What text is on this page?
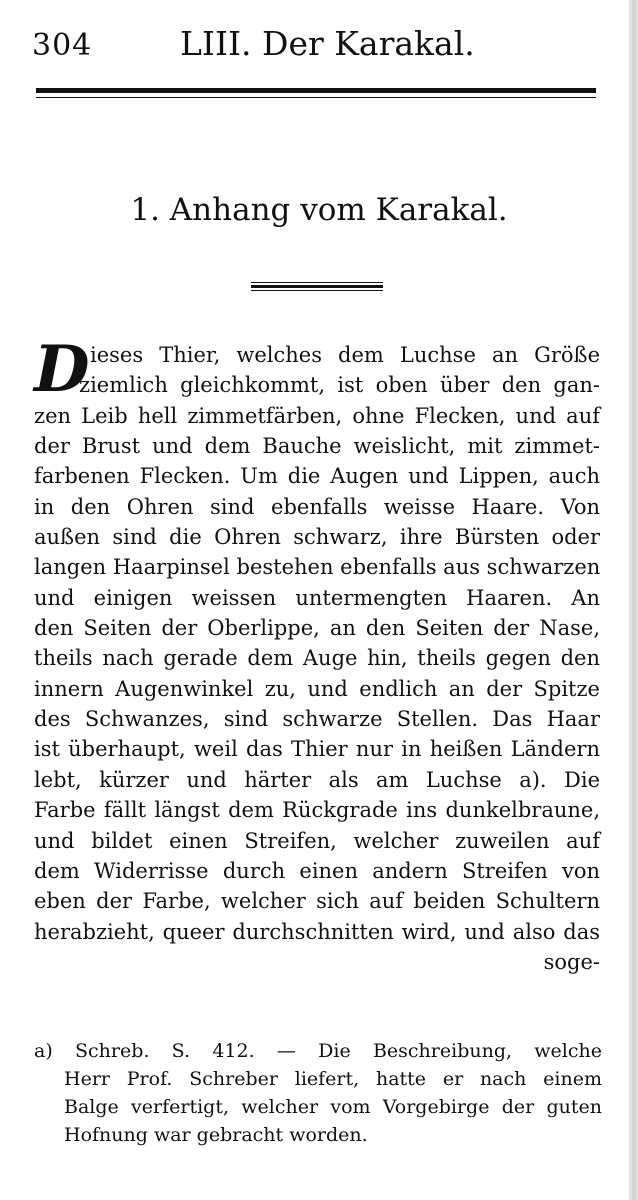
304	LIII. Der Karakal.
1. Anhang vom Karakal.
D ieses Thier, welches dem Luchse an Größe
ziemlich gleichkommt, ist oben über den gan-
zen Leib hell zimmetfärben, ohne Flecken, und auf
der Brust und dem Bauche weislicht, mit zimmet-
farbenen Flecken. Um die Augen und Lippen, auch
in den Ohren sind ebenfalls weisse Haare. Von
außen sind die Ohren schwarz, ihre Bürsten oder
langen Haarpinsel bestehen ebenfalls aus schwarzen
und einigen weissen untermengten Haaren. An
den Seiten der Oberlippe, an den Seiten der Nase,
theils nach gerade dem Auge hin, theils gegen den
innern Augenwinkel zu, und endlich an der Spitze
des Schwanzes, sind schwarze Stellen. Das Haar
ist überhaupt, weil das Thier nur in heißen Ländern
lebt, kürzer und härter als am Luchse a). Die
Farbe fällt längst dem Rückgrade ins dunkelbraune,
und bildet einen Streifen, welcher zuweilen auf
dem Widerrisse durch einen andern Streifen von
eben der Farbe, welcher sich auf beiden Schultern
herabzieht, queer durchschnitten wird, und also das
soge-
a) Schreb. S. 412. — Die Beschreibung, welche
Herr Prof. Schreber liefert, hatte er nach einem
Balge verfertigt, welcher vom Vorgebirge der guten
Hofnung war gebracht worden.
